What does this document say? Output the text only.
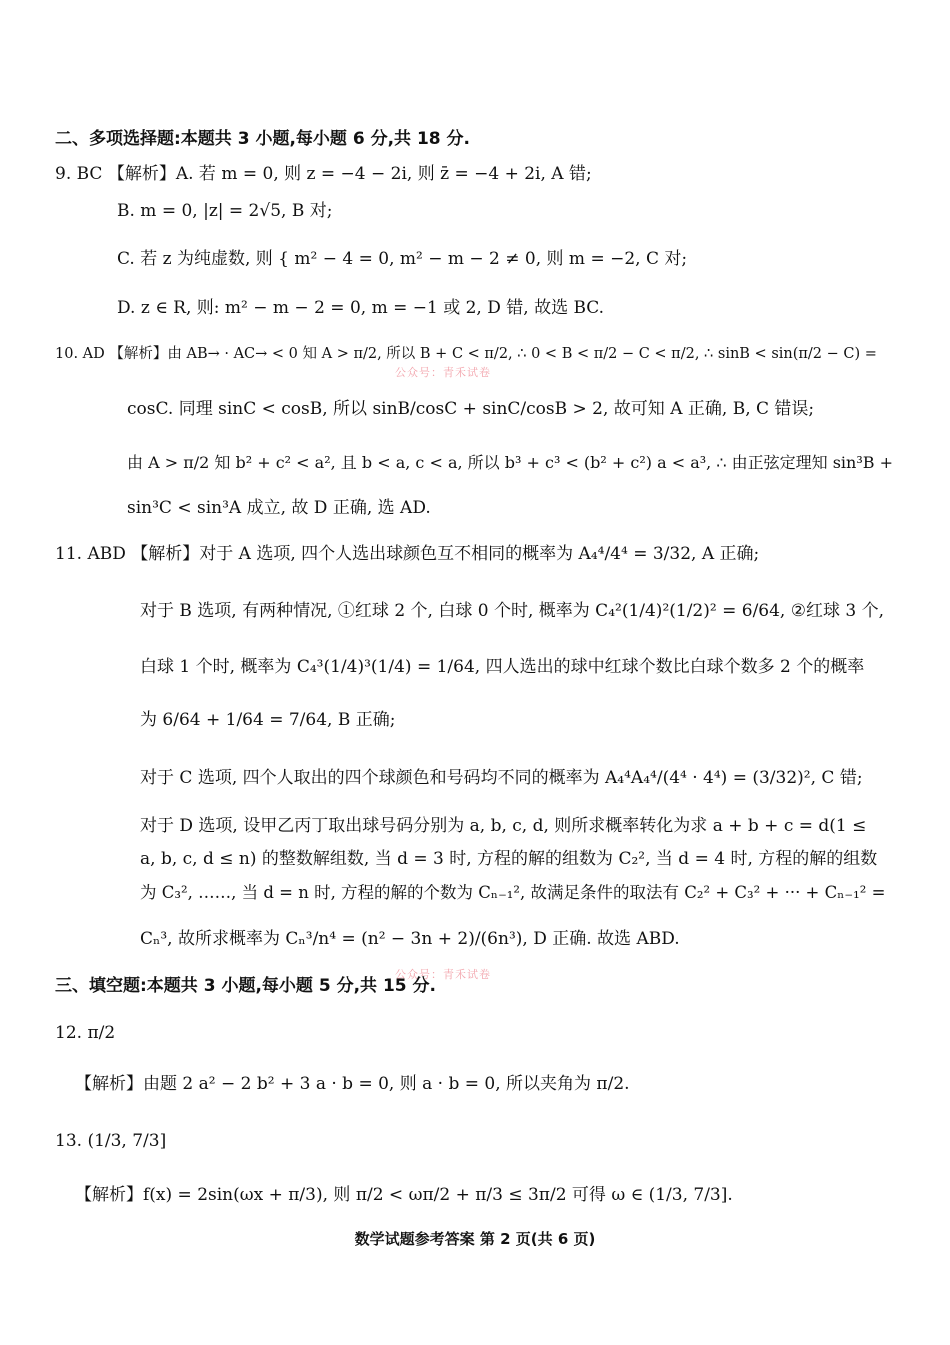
二、多项选择题:本题共 3 小题,每小题 6 分,共 18 分.
9. BC 【解析】A. 若 m = 0, 则 z = −4 − 2i, 则 z̄ = −4 + 2i, A 错;
B. m = 0, |z| = 2√5, B 对;
C. 若 z 为纯虚数, 则 { m² − 4 = 0, m² − m − 2 ≠ 0, 则 m = −2, C 对;
D. z ∈ R, 则: m² − m − 2 = 0, m = −1 或 2, D 错, 故选 BC.
10. AD 【解析】由 AB→ · AC→ < 0 知 A > π/2, 所以 B + C < π/2, ∴ 0 < B < π/2 − C < π/2, ∴ sinB < sin(π/2 − C) =
公众号：青禾试卷
cosC. 同理 sinC < cosB, 所以 sinB/cosC + sinC/cosB > 2, 故可知 A 正确, B, C 错误;
由 A > π/2 知 b² + c² < a², 且 b < a, c < a, 所以 b³ + c³ < (b² + c²) a < a³, ∴ 由正弦定理知 sin³B +
sin³C < sin³A 成立, 故 D 正确, 选 AD.
11. ABD 【解析】对于 A 选项, 四个人选出球颜色互不相同的概率为 A₄⁴/4⁴ = 3/32, A 正确;
对于 B 选项, 有两种情况, ①红球 2 个, 白球 0 个时, 概率为 C₄²(1/4)²(1/2)² = 6/64, ②红球 3 个,
白球 1 个时, 概率为 C₄³(1/4)³(1/4) = 1/64, 四人选出的球中红球个数比白球个数多 2 个的概率
为 6/64 + 1/64 = 7/64, B 正确;
对于 C 选项, 四个人取出的四个球颜色和号码均不同的概率为 A₄⁴A₄⁴/(4⁴ · 4⁴) = (3/32)², C 错;
对于 D 选项, 设甲乙丙丁取出球号码分别为 a, b, c, d, 则所求概率转化为求 a + b + c = d(1 ≤
a, b, c, d ≤ n) 的整数解组数, 当 d = 3 时, 方程的解的组数为 C₂², 当 d = 4 时, 方程的解的组数
为 C₃², ……, 当 d = n 时, 方程的解的个数为 Cₙ₋₁², 故满足条件的取法有 C₂² + C₃² + ··· + Cₙ₋₁² =
Cₙ³, 故所求概率为 Cₙ³/n⁴ = (n² − 3n + 2)/(6n³), D 正确. 故选 ABD.
公众号：青禾试卷
三、填空题:本题共 3 小题,每小题 5 分,共 15 分.
12. π/2
【解析】由题 2 a² − 2 b² + 3 a · b = 0, 则 a · b = 0, 所以夹角为 π/2.
13. (1/3, 7/3]
【解析】f(x) = 2sin(ωx + π/3), 则 π/2 < ωπ/2 + π/3 ≤ 3π/2 可得 ω ∈ (1/3, 7/3].
数学试题参考答案 第 2 页(共 6 页)
